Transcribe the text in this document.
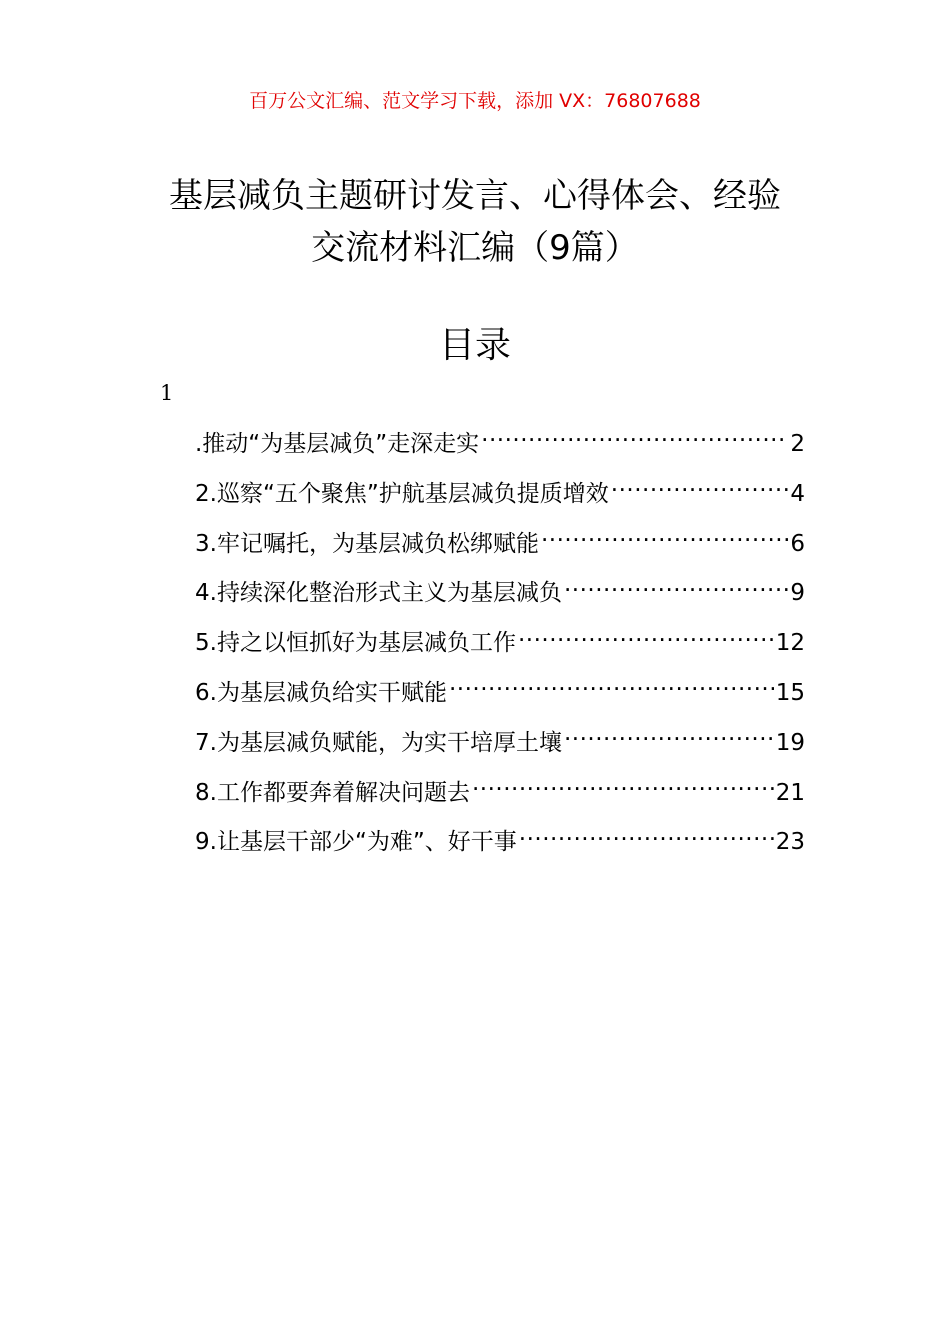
百万公文汇编、范文学习下载，添加 VX：76807688
基层减负主题研讨发言、心得体会、经验
交流材料汇编（9篇）
目录
1
.推动“为基层减负”走深走实 .....	2
2.巡察“五个聚焦”护航基层减负提质增效 .....	4
3.牢记嘱托，为基层减负松绑赋能 .....	6
4.持续深化整治形式主义为基层减负 .....	9
5.持之以恒抓好为基层减负工作 .....	12
6.为基层减负给实干赋能 .....	15
7.为基层减负赋能，为实干培厚土壤 .....	19
8.工作都要奔着解决问题去 .....	21
9.让基层干部少“为难”、好干事 .....	23
